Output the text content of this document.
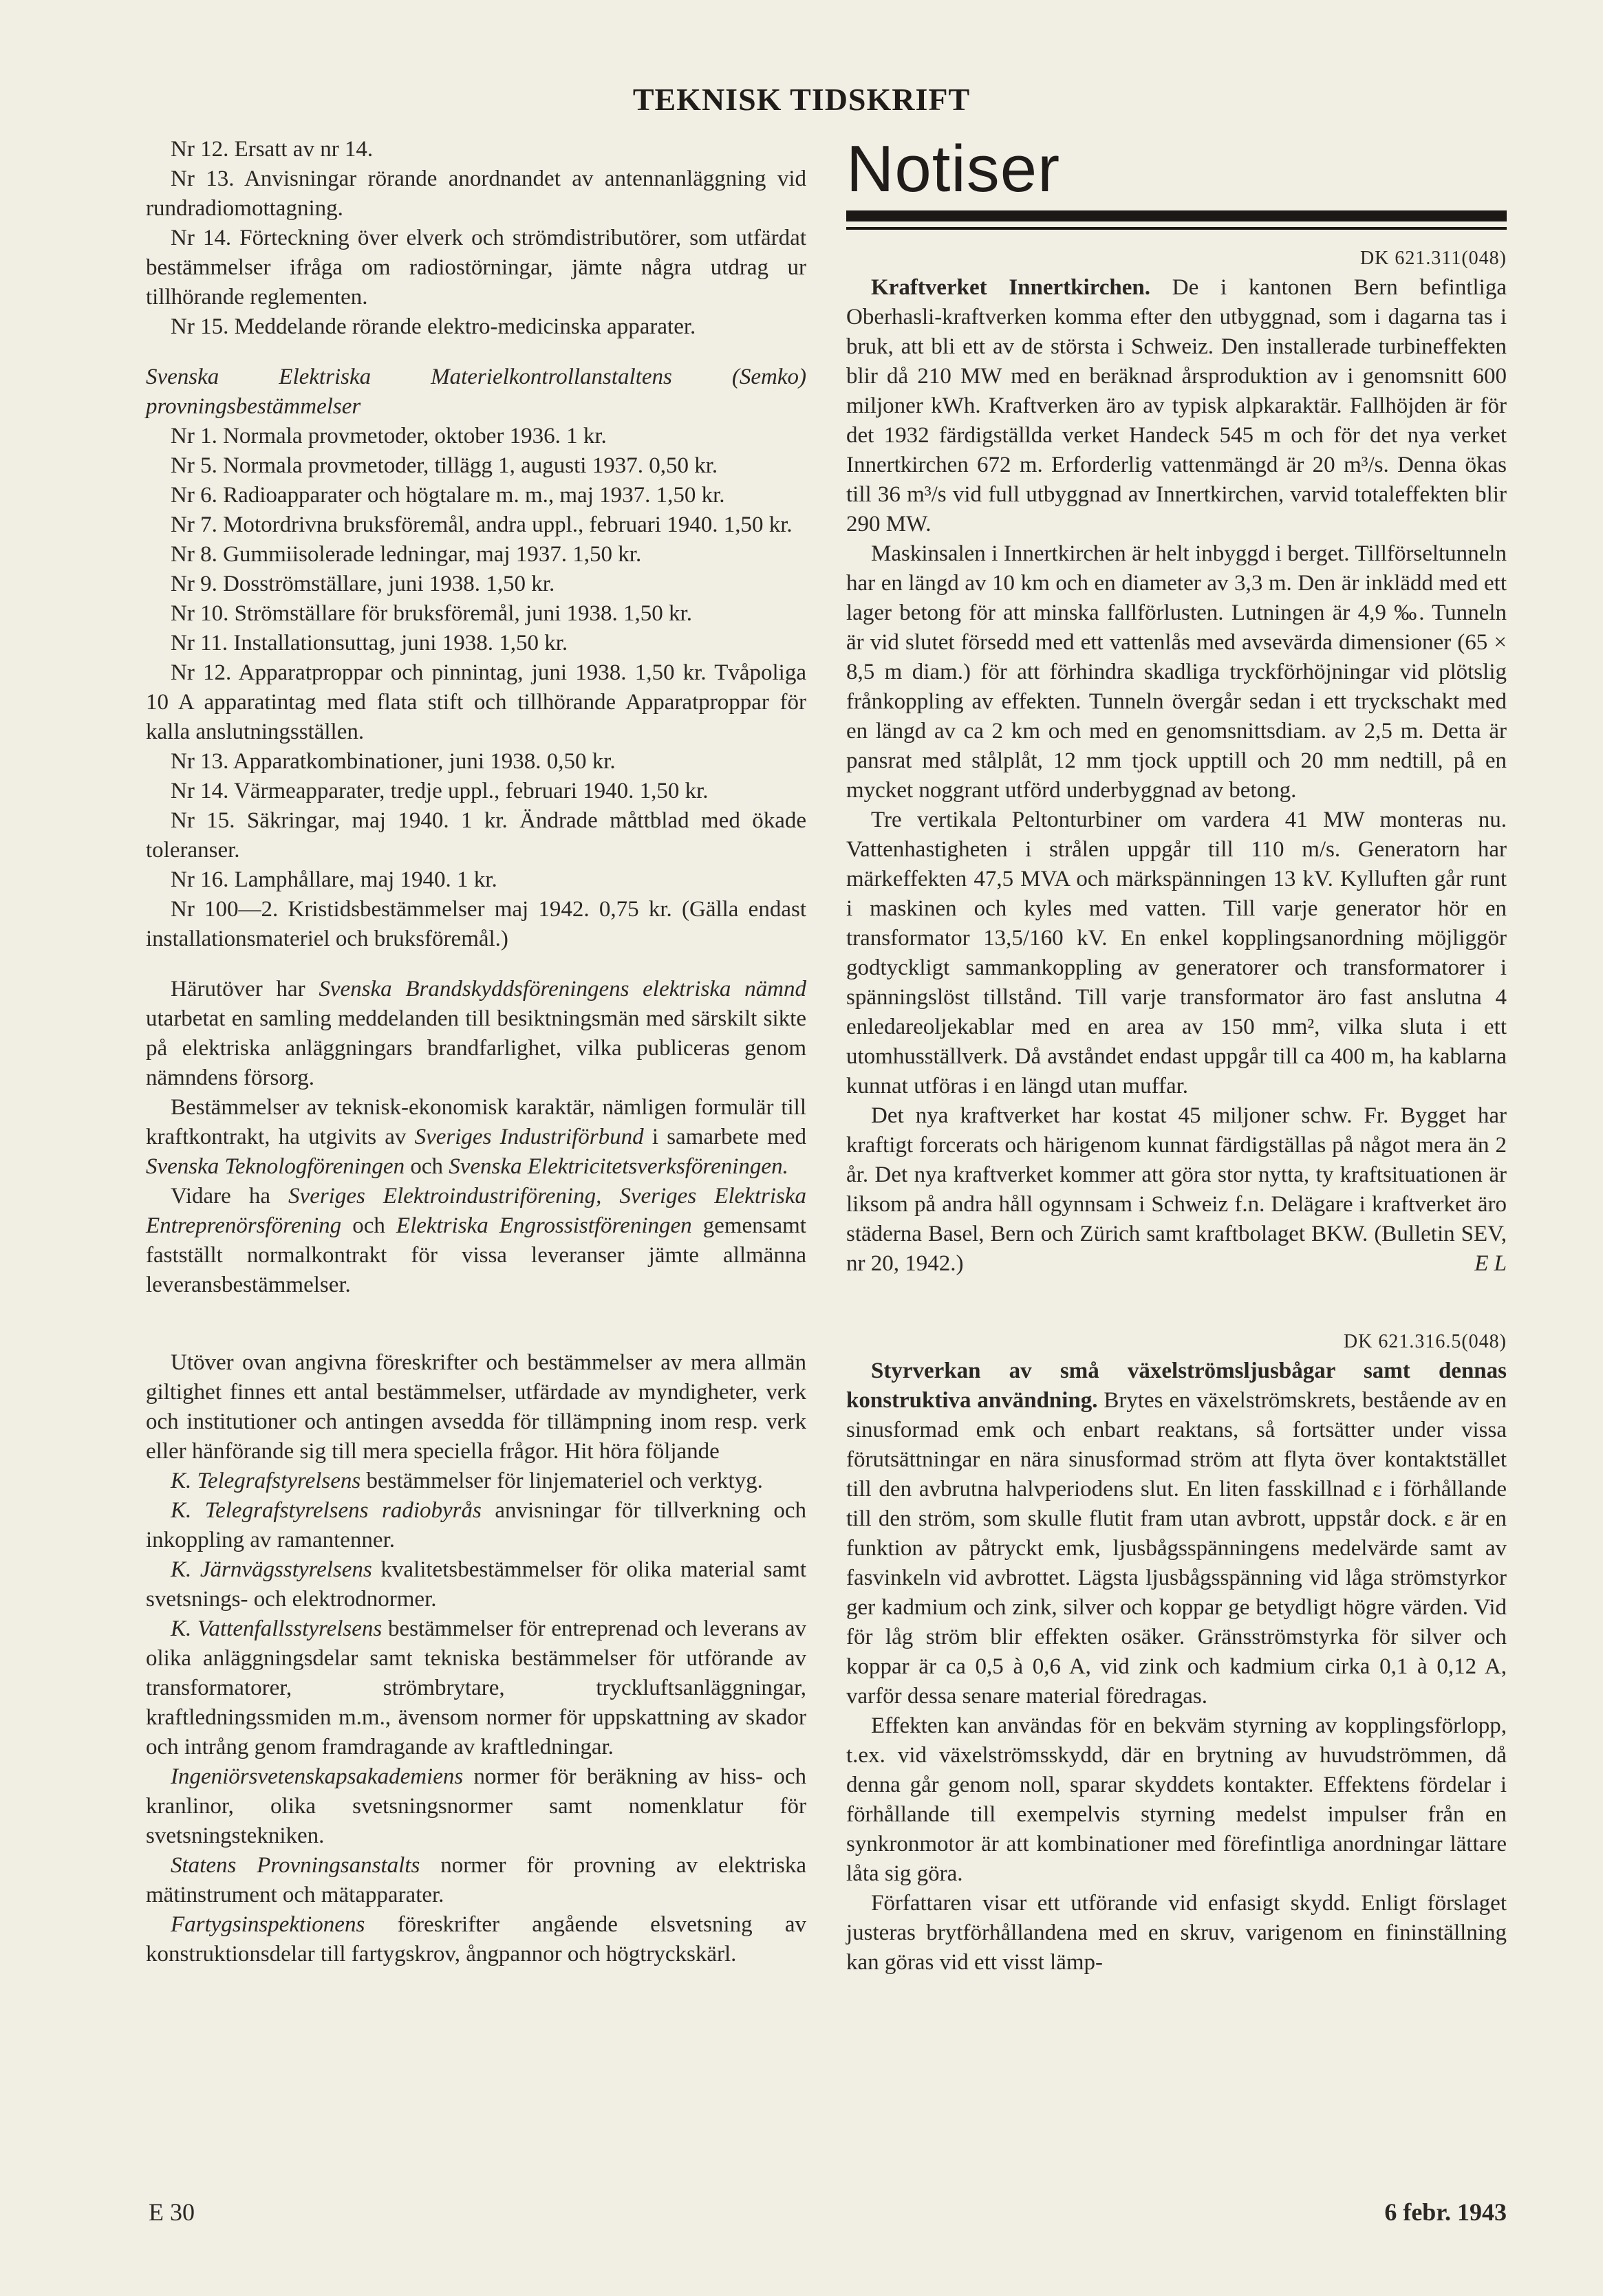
TEKNISK TIDSKRIFT

Nr 12. Ersatt av nr 14.

Nr 13. Anvisningar rörande anordnandet av antennanläggning vid rundradiomottagning.

Nr 14. Förteckning över elverk och strömdistributörer, som utfärdat bestämmelser ifråga om radiostörningar, jämte några utdrag ur tillhörande reglementen.

Nr 15. Meddelande rörande elektro-medicinska apparater.

Svenska Elektriska Materielkontrollanstaltens (Semko) provningsbestämmelser

Nr 1. Normala provmetoder, oktober 1936. 1 kr.

Nr 5. Normala provmetoder, tillägg 1, augusti 1937. 0,50 kr.

Nr 6. Radioapparater och högtalare m. m., maj 1937. 1,50 kr.

Nr 7. Motordrivna bruksföremål, andra uppl., februari 1940. 1,50 kr.

Nr 8. Gummiisolerade ledningar, maj 1937. 1,50 kr.

Nr 9. Dosströmställare, juni 1938. 1,50 kr.

Nr 10. Strömställare för bruksföremål, juni 1938. 1,50 kr.

Nr 11. Installationsuttag, juni 1938. 1,50 kr.

Nr 12. Apparatproppar och pinnintag, juni 1938. 1,50 kr. Tvåpoliga 10 A apparatintag med flata stift och tillhörande Apparatproppar för kalla anslutningsställen.

Nr 13. Apparatkombinationer, juni 1938. 0,50 kr.

Nr 14. Värmeapparater, tredje uppl., februari 1940. 1,50 kr.

Nr 15. Säkringar, maj 1940. 1 kr. Ändrade måttblad med ökade toleranser.

Nr 16. Lamphållare, maj 1940. 1 kr.

Nr 100—2. Kristidsbestämmelser maj 1942. 0,75 kr. (Gälla endast installationsmateriel och bruksföremål.)

Härutöver har Svenska Brandskyddsföreningens elektriska nämnd utarbetat en samling meddelanden till besiktningsmän med särskilt sikte på elektriska anläggningars brandfarlighet, vilka publiceras genom nämndens försorg.

Bestämmelser av teknisk-ekonomisk karaktär, nämligen formulär till kraftkontrakt, ha utgivits av Sveriges Industriförbund i samarbete med Svenska Teknologföreningen och Svenska Elektricitetsverksföreningen.

Vidare ha Sveriges Elektroindustriförening, Sveriges Elektriska Entreprenörsförening och Elektriska Engrossistföreningen gemensamt fastställt normalkontrakt för vissa leveranser jämte allmänna leveransbestämmelser.

Utöver ovan angivna föreskrifter och bestämmelser av mera allmän giltighet finnes ett antal bestämmelser, utfärdade av myndigheter, verk och institutioner och antingen avsedda för tillämpning inom resp. verk eller hänförande sig till mera speciella frågor. Hit höra följande

K. Telegrafstyrelsens bestämmelser för linjemateriel och verktyg.

K. Telegrafstyrelsens radiobyrås anvisningar för tillverkning och inkoppling av ramantenner.

K. Järnvägsstyrelsens kvalitetsbestämmelser för olika material samt svetsnings- och elektrodnormer.

K. Vattenfallsstyrelsens bestämmelser för entreprenad och leverans av olika anläggningsdelar samt tekniska bestämmelser för utförande av transformatorer, strömbrytare, tryckluftsanläggningar, kraftledningssmiden m.m., ävensom normer för uppskattning av skador och intrång genom framdragande av kraftledningar.

Ingeniörsvetenskapsakademiens normer för beräkning av hiss- och kranlinor, olika svetsningsnormer samt nomenklatur för svetsningstekniken.

Statens Provningsanstalts normer för provning av elektriska mätinstrument och mätapparater.

Fartygsinspektionens föreskrifter angående elsvetsning av konstruktionsdelar till fartygskrov, ångpannor och högtryckskärl.

Notiser
DK 621.311(048)

Kraftverket Innertkirchen. De i kantonen Bern befintliga Oberhasli-kraftverken komma efter den utbyggnad, som i dagarna tas i bruk, att bli ett av de största i Schweiz. Den installerade turbineffekten blir då 210 MW med en beräknad årsproduktion av i genomsnitt 600 miljoner kWh. Kraftverken äro av typisk alpkaraktär. Fallhöjden är för det 1932 färdigställda verket Handeck 545 m och för det nya verket Innertkirchen 672 m. Erforderlig vattenmängd är 20 m³/s. Denna ökas till 36 m³/s vid full utbyggnad av Innertkirchen, varvid totaleffekten blir 290 MW.

Maskinsalen i Innertkirchen är helt inbyggd i berget. Tillförseltunneln har en längd av 10 km och en diameter av 3,3 m. Den är inklädd med ett lager betong för att minska fallförlusten. Lutningen är 4,9 ‰. Tunneln är vid slutet försedd med ett vattenlås med avsevärda dimensioner (65 × 8,5 m diam.) för att förhindra skadliga tryckförhöjningar vid plötslig frånkoppling av effekten. Tunneln övergår sedan i ett tryckschakt med en längd av ca 2 km och med en genomsnittsdiam. av 2,5 m. Detta är pansrat med stålplåt, 12 mm tjock upptill och 20 mm nedtill, på en mycket noggrant utförd underbyggnad av betong.

Tre vertikala Peltonturbiner om vardera 41 MW monteras nu. Vattenhastigheten i strålen uppgår till 110 m/s. Generatorn har märkeffekten 47,5 MVA och märkspänningen 13 kV. Kylluften går runt i maskinen och kyles med vatten. Till varje generator hör en transformator 13,5/160 kV. En enkel kopplingsanordning möjliggör godtyckligt sammankoppling av generatorer och transformatorer i spänningslöst tillstånd. Till varje transformator äro fast anslutna 4 enledareoljekablar med en area av 150 mm², vilka sluta i ett utomhusställverk. Då avståndet endast uppgår till ca 400 m, ha kablarna kunnat utföras i en längd utan muffar.

Det nya kraftverket har kostat 45 miljoner schw. Fr. Bygget har kraftigt forcerats och härigenom kunnat färdigställas på något mera än 2 år. Det nya kraftverket kommer att göra stor nytta, ty kraftsituationen är liksom på andra håll ogynnsam i Schweiz f.n. Delägare i kraftverket äro städerna Basel, Bern och Zürich samt kraftbolaget BKW. (Bulletin SEV, nr 20, 1942.)	E L

DK 621.316.5(048)

Styrverkan av små växelströmsljusbågar samt dennas konstruktiva användning. Brytes en växelströmskrets, bestående av en sinusformad emk och enbart reaktans, så fortsätter under vissa förutsättningar en nära sinusformad ström att flyta över kontaktstället till den avbrutna halvperiodens slut. En liten fasskillnad ε i förhållande till den ström, som skulle flutit fram utan avbrott, uppstår dock. ε är en funktion av påtryckt emk, ljusbågsspänningens medelvärde samt av fasvinkeln vid avbrottet. Lägsta ljusbågsspänning vid låga strömstyrkor ger kadmium och zink, silver och koppar ge betydligt högre värden. Vid för låg ström blir effekten osäker. Gränsströmstyrka för silver och koppar är ca 0,5 à 0,6 A, vid zink och kadmium cirka 0,1 à 0,12 A, varför dessa senare material föredragas.

Effekten kan användas för en bekväm styrning av kopplingsförlopp, t.ex. vid växelströmsskydd, där en brytning av huvudströmmen, då denna går genom noll, sparar skyddets kontakter. Effektens fördelar i förhållande till exempelvis styrning medelst impulser från en synkronmotor är att kombinationer med förefintliga anordningar lättare låta sig göra.

Författaren visar ett utförande vid enfasigt skydd. Enligt förslaget justeras brytförhållandena med en skruv, varigenom en fininställning kan göras vid ett visst lämp-

E 30	6 febr. 1943
